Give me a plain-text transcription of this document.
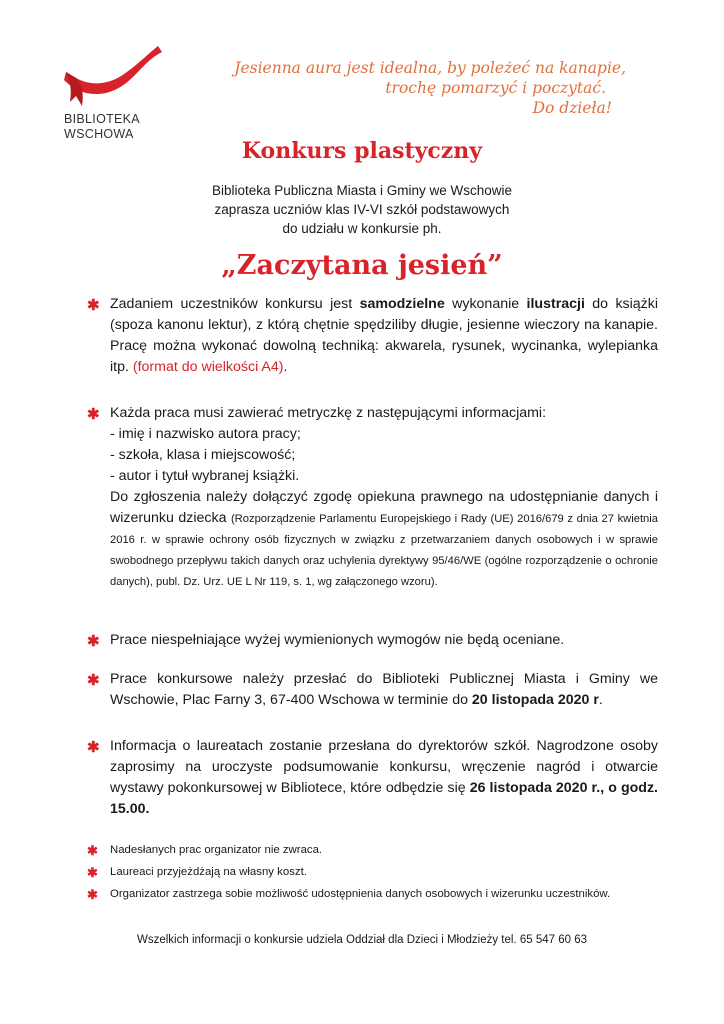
BIBLIOTEKA
WSCHOWA
Jesienna aura jest idealna, by poleżeć na kanapie,
trochę pomarzyć i poczytać.
Do dzieła!
Konkurs plastyczny
Biblioteka Publiczna Miasta i Gminy we Wschowie
zaprasza uczniów klas IV-VI szkół podstawowych
do udziału w konkursie ph.
„Zaczytana jesień”
✱ Zadaniem uczestników konkursu jest samodzielne wykonanie ilustracji do książki (spoza kanonu lektur), z którą chętnie spędziliby długie, jesienne wieczory na kanapie. Pracę można wykonać dowolną techniką: akwarela, rysunek, wycinanka, wylepianka itp. (format do wielkości A4).
✱ Każda praca musi zawierać metryczkę z następującymi informacjami:
- imię i nazwisko autora pracy;
- szkoła, klasa i miejscowość;
- autor i tytuł wybranej książki.
Do zgłoszenia należy dołączyć zgodę opiekuna prawnego na udostępnianie danych i wizerunku dziecka (Rozporządzenie Parlamentu Europejskiego i Rady (UE) 2016/679 z dnia 27 kwietnia 2016 r. w sprawie ochrony osób fizycznych w związku z przetwarzaniem danych osobowych i w sprawie swobodnego przepływu takich danych oraz uchylenia dyrektywy 95/46/WE (ogólne rozporządzenie o ochronie danych), publ. Dz. Urz. UE L Nr 119, s. 1, wg załączonego wzoru).
✱ Prace niespełniające wyżej wymienionych wymogów nie będą oceniane.
✱ Prace konkursowe należy przesłać do Biblioteki Publicznej Miasta i Gminy we Wschowie, Plac Farny 3, 67-400 Wschowa w terminie do 20 listopada 2020 r.
✱ Informacja o laureatach zostanie przesłana do dyrektorów szkół. Nagrodzone osoby zaprosimy na uroczyste podsumowanie konkursu, wręczenie nagród i otwarcie wystawy pokonkursowej w Bibliotece, które odbędzie się 26 listopada 2020 r., o godz. 15.00.
✱ Nadesłanych prac organizator nie zwraca.
✱ Laureaci przyjeżdżają na własny koszt.
✱ Organizator zastrzega sobie możliwość udostępnienia danych osobowych i wizerunku uczestników.
Wszelkich informacji o konkursie udziela Oddział dla Dzieci i Młodzieży tel. 65 547 60 63
